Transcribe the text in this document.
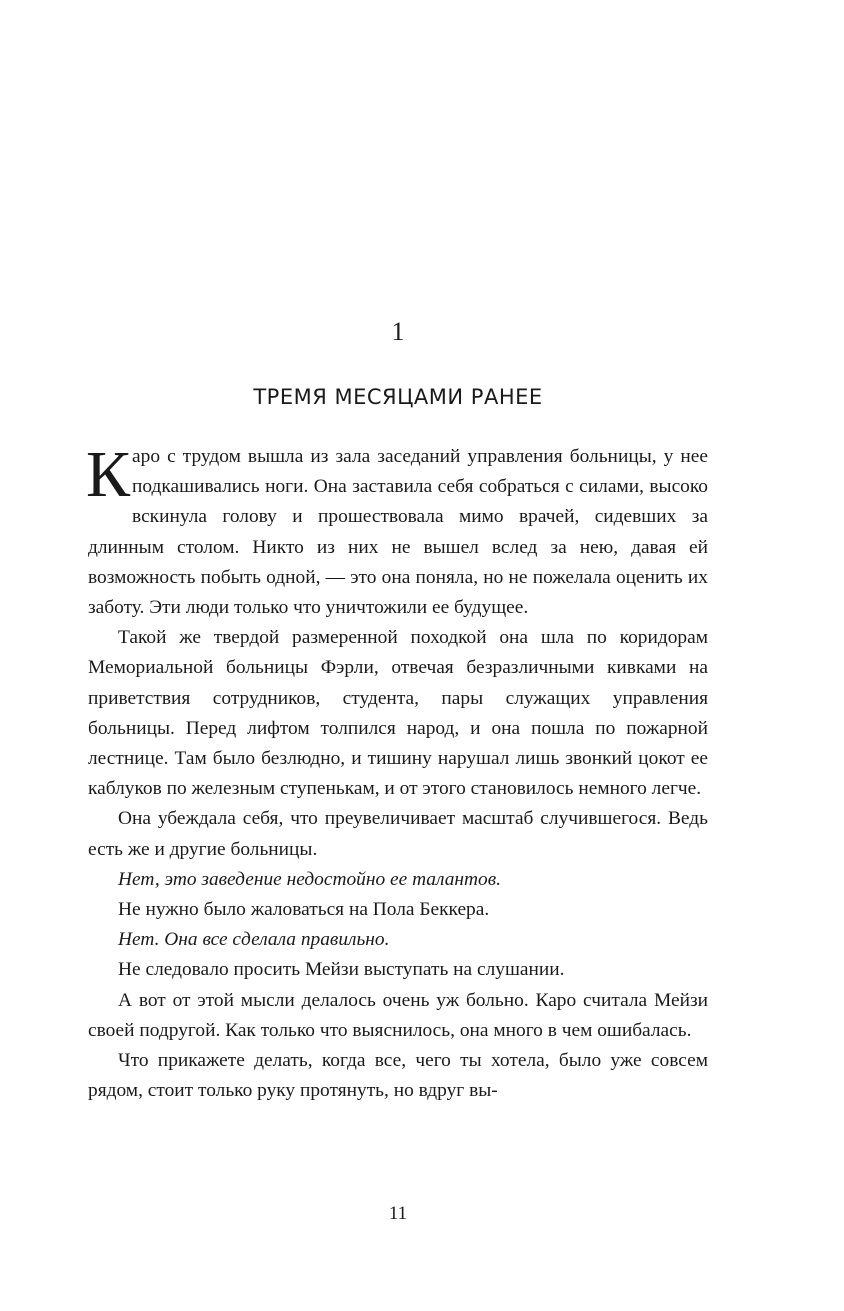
1
ТРЕМЯ МЕСЯЦАМИ РАНЕЕ

Каро с трудом вышла из зала заседаний управления больницы, у нее подкашивались ноги. Она заставила себя собраться с силами, высоко вскинула голову и прошествовала мимо врачей, сидевших за длинным столом. Никто из них не вышел вслед за нею, давая ей возможность побыть одной, — это она поняла, но не пожелала оценить их заботу. Эти люди только что уничтожили ее будущее.

Такой же твердой размеренной походкой она шла по коридорам Мемориальной больницы Фэрли, отвечая безразличными кивками на приветствия сотрудников, студента, пары служащих управления больницы. Перед лифтом толпился народ, и она пошла по пожарной лестнице. Там было безлюдно, и тишину нарушал лишь звонкий цокот ее каблуков по железным ступенькам, и от этого становилось немного легче.

Она убеждала себя, что преувеличивает масштаб случившегося. Ведь есть же и другие больницы.

Нет, это заведение недостойно ее талантов.

Не нужно было жаловаться на Пола Беккера.

Нет. Она все сделала правильно.

Не следовало просить Мейзи выступать на слушании.

А вот от этой мысли делалось очень уж больно. Каро считала Мейзи своей подругой. Как только что выяснилось, она много в чем ошибалась.

Что прикажете делать, когда все, чего ты хотела, было уже совсем рядом, стоит только руку протянуть, но вдруг вы-

11
